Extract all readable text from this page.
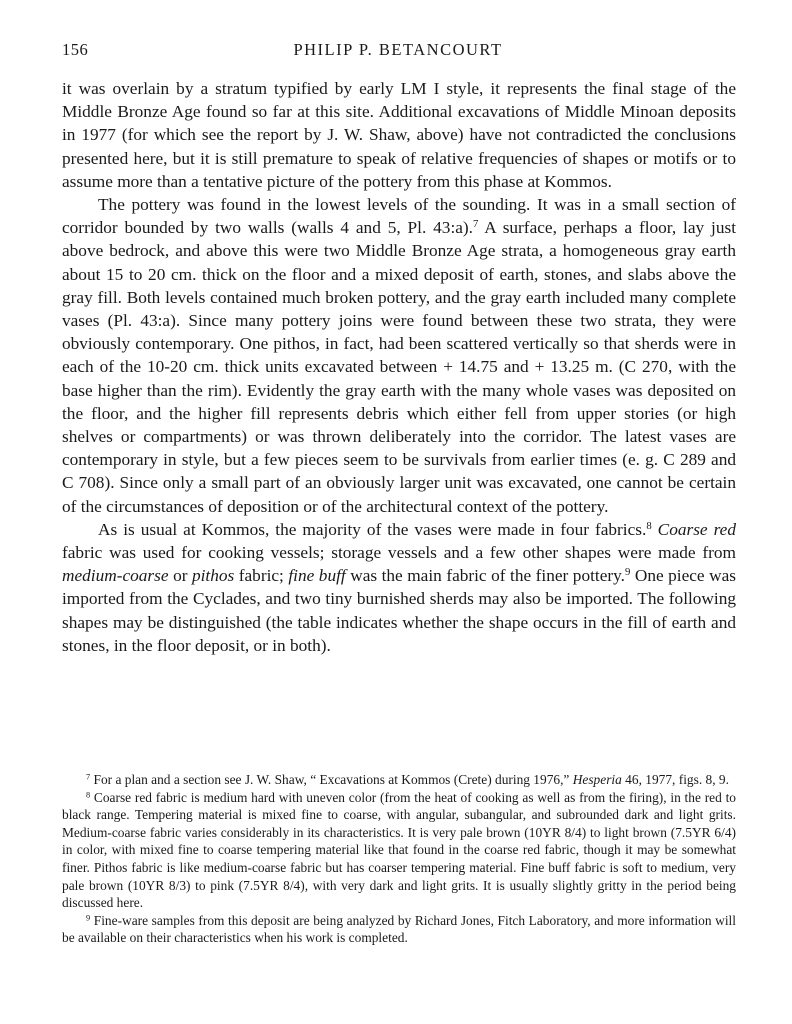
156	PHILIP P. BETANCOURT

it was overlain by a stratum typified by early LM I style, it represents the final stage of the Middle Bronze Age found so far at this site. Additional excavations of Middle Minoan deposits in 1977 (for which see the report by J. W. Shaw, above) have not contradicted the conclusions presented here, but it is still premature to speak of relative frequencies of shapes or motifs or to assume more than a tentative picture of the pottery from this phase at Kommos.

The pottery was found in the lowest levels of the sounding. It was in a small section of corridor bounded by two walls (walls 4 and 5, Pl. 43:a).$^7$ A surface, perhaps a floor, lay just above bedrock, and above this were two Middle Bronze Age strata, a homogeneous gray earth about 15 to 20 cm. thick on the floor and a mixed deposit of earth, stones, and slabs above the gray fill. Both levels contained much broken pottery, and the gray earth included many complete vases (Pl. 43:a). Since many pottery joins were found between these two strata, they were obviously contemporary. One pithos, in fact, had been scattered vertically so that sherds were in each of the 10-20 cm. thick units excavated between + 14.75 and + 13.25 m. (C 270, with the base higher than the rim). Evidently the gray earth with the many whole vases was deposited on the floor, and the higher fill represents debris which either fell from upper stories (or high shelves or compartments) or was thrown deliberately into the corridor. The latest vases are contemporary in style, but a few pieces seem to be survivals from earlier times (e. g. C 289 and C 708). Since only a small part of an obviously larger unit was excavated, one cannot be certain of the circumstances of deposition or of the architectural context of the pottery.

As is usual at Kommos, the majority of the vases were made in four fabrics.$^8$ Coarse red fabric was used for cooking vessels; storage vessels and a few other shapes were made from medium-coarse or pithos fabric; fine buff was the main fabric of the finer pottery.$^9$ One piece was imported from the Cyclades, and two tiny burnished sherds may also be imported. The following shapes may be distinguished (the table indicates whether the shape occurs in the fill of earth and stones, in the floor deposit, or in both).

$^7$ For a plan and a section see J. W. Shaw, “ Excavations at Kommos (Crete) during 1976,” Hesperia 46, 1977, figs. 8, 9.

$^8$ Coarse red fabric is medium hard with uneven color (from the heat of cooking as well as from the firing), in the red to black range. Tempering material is mixed fine to coarse, with angular, subangular, and subrounded dark and light grits. Medium-coarse fabric varies considerably in its characteristics. It is very pale brown (10YR 8/4) to light brown (7.5YR 6/4) in color, with mixed fine to coarse tempering material like that found in the coarse red fabric, though it may be somewhat finer. Pithos fabric is like medium-coarse fabric but has coarser tempering material. Fine buff fabric is soft to medium, very pale brown (10YR 8/3) to pink (7.5YR 8/4), with very dark and light grits. It is usually slightly gritty in the period being discussed here.

$^9$ Fine-ware samples from this deposit are being analyzed by Richard Jones, Fitch Laboratory, and more information will be available on their characteristics when his work is completed.
